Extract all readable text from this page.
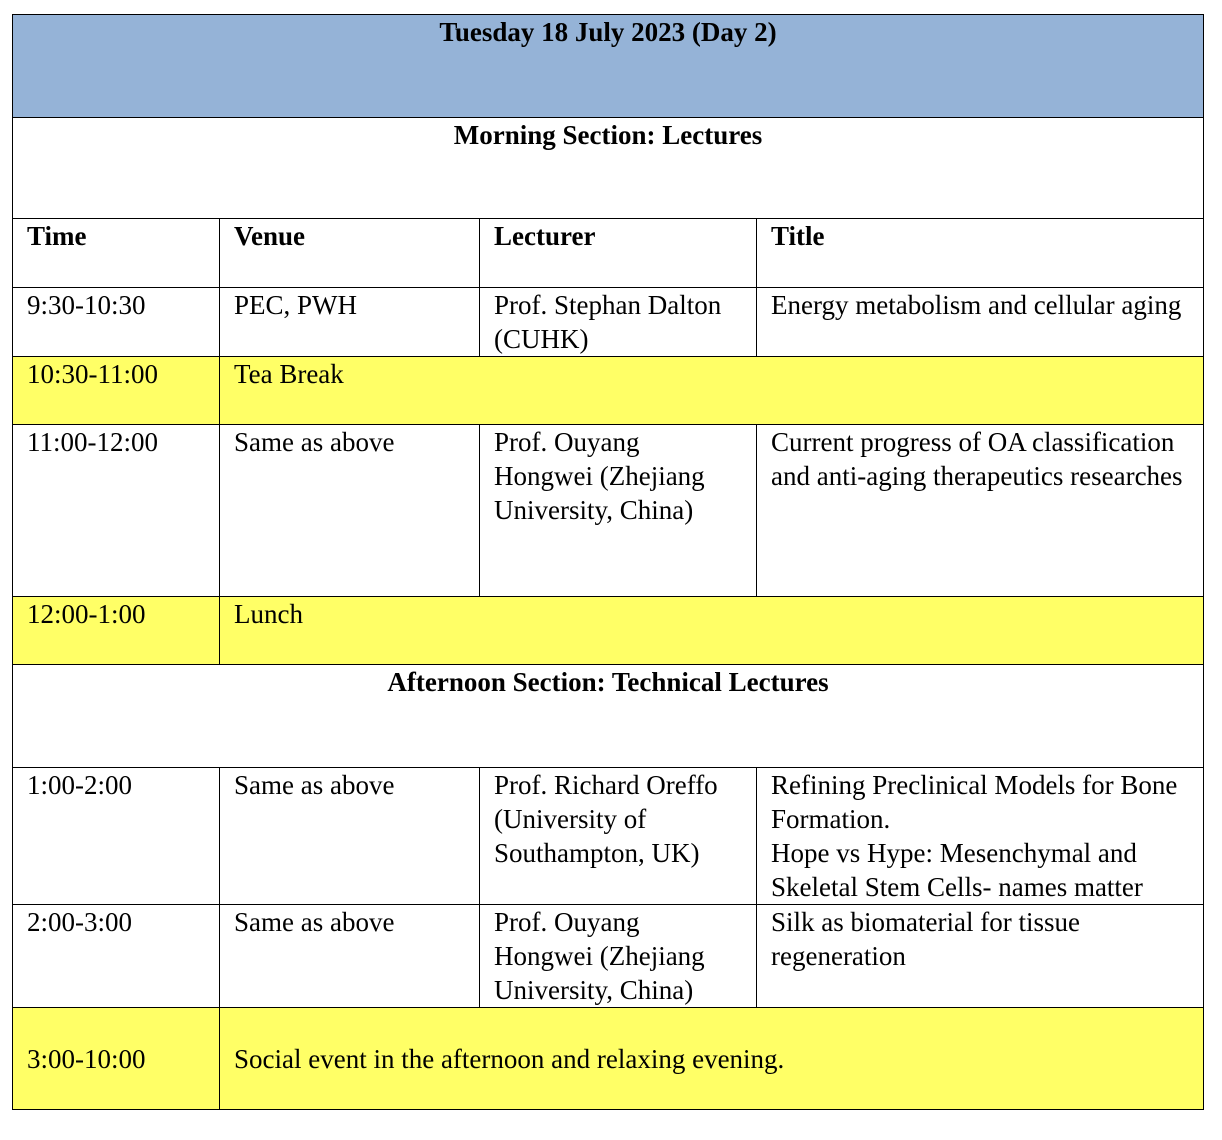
Tuesday 18 July 2023 (Day 2)			
Morning Section: Lectures			
Time	Venue	Lecturer	Title
9:30-10:30	PEC, PWH	Prof. Stephan Dalton (CUHK)	Energy metabolism and cellular aging
10:30-11:00	Tea Break		
11:00-12:00	Same as above	Prof. Ouyang Hongwei (Zhejiang University, China)	Current progress of OA classification and anti-aging therapeutics researches
12:00-1:00	Lunch		
Afternoon Section: Technical Lectures			
1:00-2:00	Same as above	Prof. Richard Oreffo (University of Southampton, UK)	Refining Preclinical Models for Bone Formation.
Hope vs Hype: Mesenchymal and Skeletal Stem Cells- names matter
2:00-3:00	Same as above	Prof. Ouyang Hongwei (Zhejiang University, China)	Silk as biomaterial for tissue regeneration
3:00-10:00	Social event in the afternoon and relaxing evening.		
